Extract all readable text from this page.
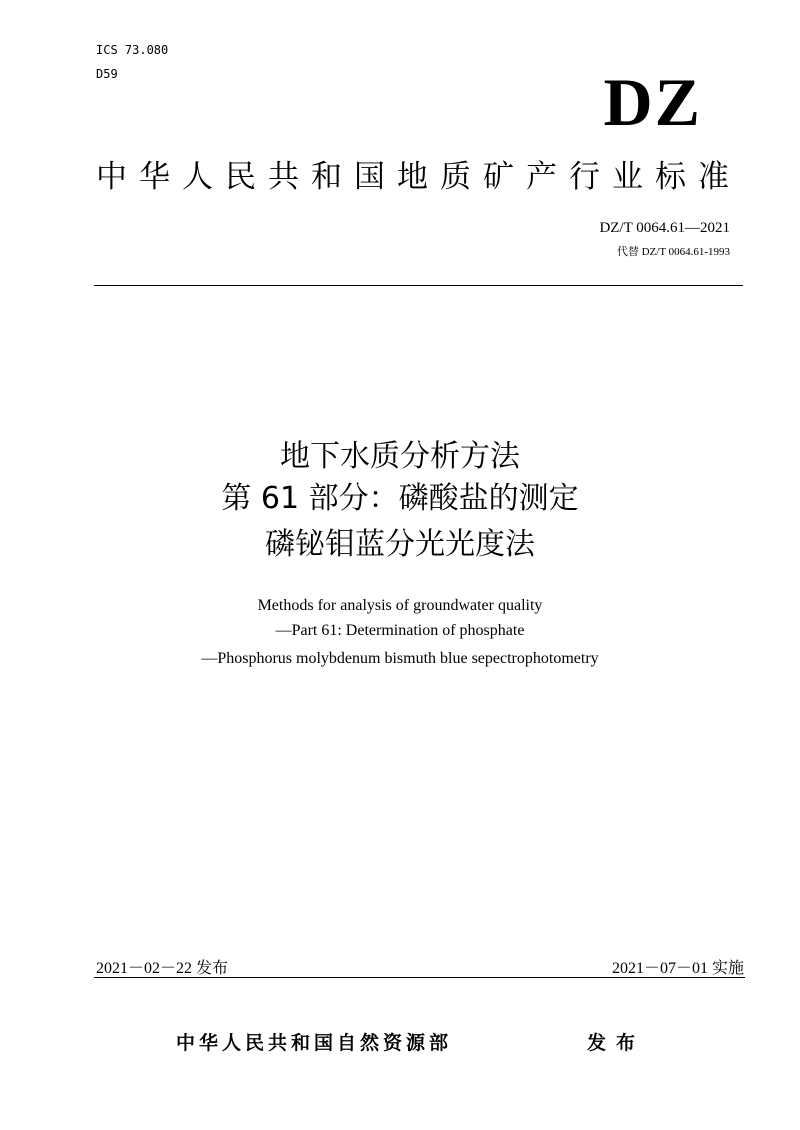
ICS 73.080
D59	DZ
中华人民共和国地质矿产行业标准
DZ/T 0064.61—2021
代替 DZ/T 0064.61-1993
地下水质分析方法
第 61 部分：磷酸盐的测定
磷铋钼蓝分光光度法
Methods for analysis of groundwater quality
—Part 61: Determination of phosphate
—Phosphorus molybdenum bismuth blue sepectrophotometry
2021－02－22 发布	2021－07－01 实施
中华人民共和国自然资源部	发布
